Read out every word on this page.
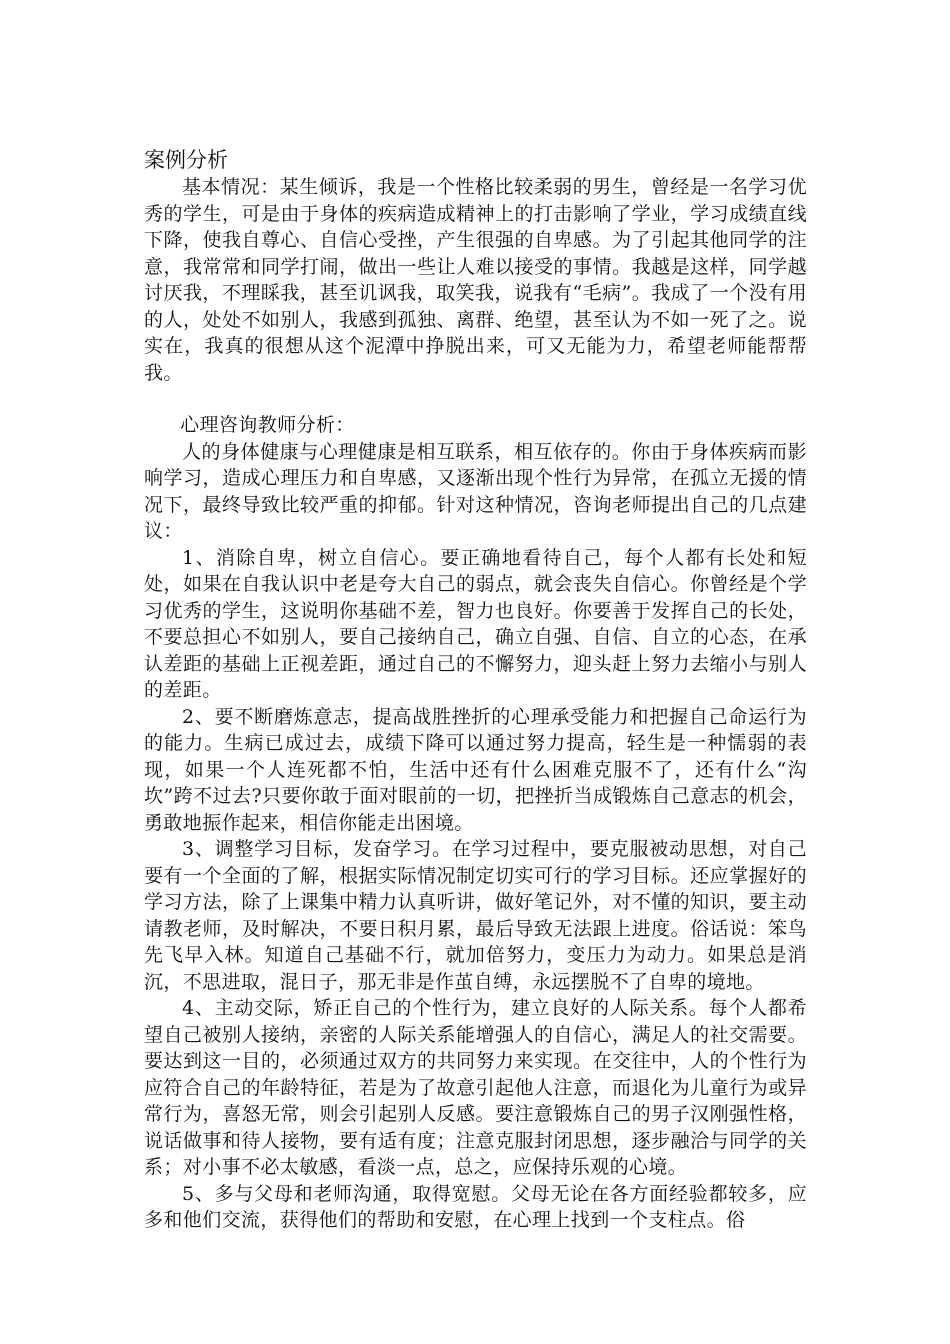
案例分析

基本情况：某生倾诉，我是一个性格比较柔弱的男生，曾经是一名学习优秀的学生，可是由于身体的疾病造成精神上的打击影响了学业，学习成绩直线下降，使我自尊心、自信心受挫，产生很强的自卑感。为了引起其他同学的注意，我常常和同学打闹，做出一些让人难以接受的事情。我越是这样，同学越讨厌我，不理睬我，甚至讥讽我，取笑我，说我有“毛病”。我成了一个没有用的人，处处不如别人，我感到孤独、离群、绝望，甚至认为不如一死了之。说实在，我真的很想从这个泥潭中挣脱出来，可又无能为力，希望老师能帮帮我。

心理咨询教师分析：

人的身体健康与心理健康是相互联系，相互依存的。你由于身体疾病而影响学习，造成心理压力和自卑感，又逐渐出现个性行为异常，在孤立无援的情况下，最终导致比较严重的抑郁。针对这种情况，咨询老师提出自己的几点建议：

1、消除自卑，树立自信心。要正确地看待自己，每个人都有长处和短处，如果在自我认识中老是夸大自己的弱点，就会丧失自信心。你曾经是个学习优秀的学生，这说明你基础不差，智力也良好。你要善于发挥自己的长处，不要总担心不如别人，要自己接纳自己，确立自强、自信、自立的心态，在承认差距的基础上正视差距，通过自己的不懈努力，迎头赶上努力去缩小与别人的差距。

2、要不断磨炼意志，提高战胜挫折的心理承受能力和把握自己命运行为的能力。生病已成过去，成绩下降可以通过努力提高，轻生是一种懦弱的表现，如果一个人连死都不怕，生活中还有什么困难克服不了，还有什么“沟坎”跨不过去?只要你敢于面对眼前的一切，把挫折当成锻炼自己意志的机会，勇敢地振作起来，相信你能走出困境。

3、调整学习目标，发奋学习。在学习过程中，要克服被动思想，对自己要有一个全面的了解，根据实际情况制定切实可行的学习目标。还应掌握好的学习方法，除了上课集中精力认真听讲，做好笔记外，对不懂的知识，要主动请教老师，及时解决，不要日积月累，最后导致无法跟上进度。俗话说：笨鸟先飞早入林。知道自己基础不行，就加倍努力，变压力为动力。如果总是消沉，不思进取，混日子，那无非是作茧自缚，永远摆脱不了自卑的境地。

4、主动交际，矫正自己的个性行为，建立良好的人际关系。每个人都希望自己被别人接纳，亲密的人际关系能增强人的自信心，满足人的社交需要。要达到这一目的，必须通过双方的共同努力来实现。在交往中，人的个性行为应符合自己的年龄特征，若是为了故意引起他人注意，而退化为儿童行为或异常行为，喜怒无常，则会引起别人反感。要注意锻炼自己的男子汉刚强性格，说话做事和待人接物，要有适有度；注意克服封闭思想，逐步融洽与同学的关系；对小事不必太敏感，看淡一点，总之，应保持乐观的心境。

5、多与父母和老师沟通，取得宽慰。父母无论在各方面经验都较多，应多和他们交流，获得他们的帮助和安慰，在心理上找到一个支柱点。俗
